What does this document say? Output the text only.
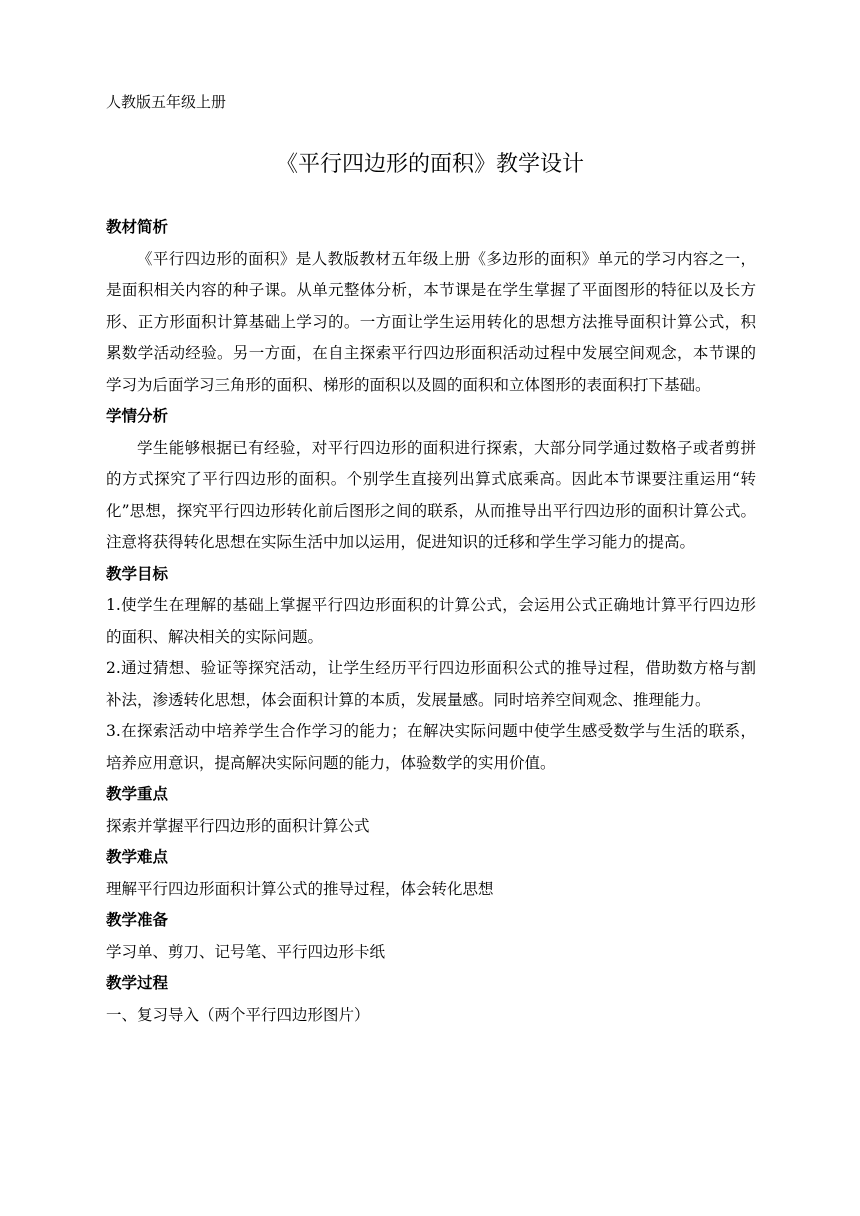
人教版五年级上册
《平行四边形的面积》教学设计

教材简析

《平行四边形的面积》是人教版教材五年级上册《多边形的面积》单元的学习内容之一， 是面积相关内容的种子课。从单元整体分析，本节课是在学生掌握了平面图形的特征以及长方形、正方形面积计算基础上学习的。一方面让学生运用转化的思想方法推导面积计算公式，积累数学活动经验。另一方面，在自主探索平行四边形面积活动过程中发展空间观念，本节课的学习为后面学习三角形的面积、梯形的面积以及圆的面积和立体图形的表面积打下基础。

学情分析

学生能够根据已有经验，对平行四边形的面积进行探索，大部分同学通过数格子或者剪拼的方式探究了平行四边形的面积。个别学生直接列出算式底乘高。因此本节课要注重运用“转化”思想，探究平行四边形转化前后图形之间的联系，从而推导出平行四边形的面积计算公式。注意将获得转化思想在实际生活中加以运用，促进知识的迁移和学生学习能力的提高。

教学目标

1.使学生在理解的基础上掌握平行四边形面积的计算公式，会运用公式正确地计算平行四边形的面积、解决相关的实际问题。

2.通过猜想、验证等探究活动，让学生经历平行四边形面积公式的推导过程，借助数方格与割补法，渗透转化思想，体会面积计算的本质，发展量感。同时培养空间观念、推理能力。

3.在探索活动中培养学生合作学习的能力；在解决实际问题中使学生感受数学与生活的联系，培养应用意识，提高解决实际问题的能力，体验数学的实用价值。

教学重点

探索并掌握平行四边形的面积计算公式

教学难点

理解平行四边形面积计算公式的推导过程，体会转化思想

教学准备

学习单、剪刀、记号笔、平行四边形卡纸

教学过程

一、复习导入（两个平行四边形图片）
